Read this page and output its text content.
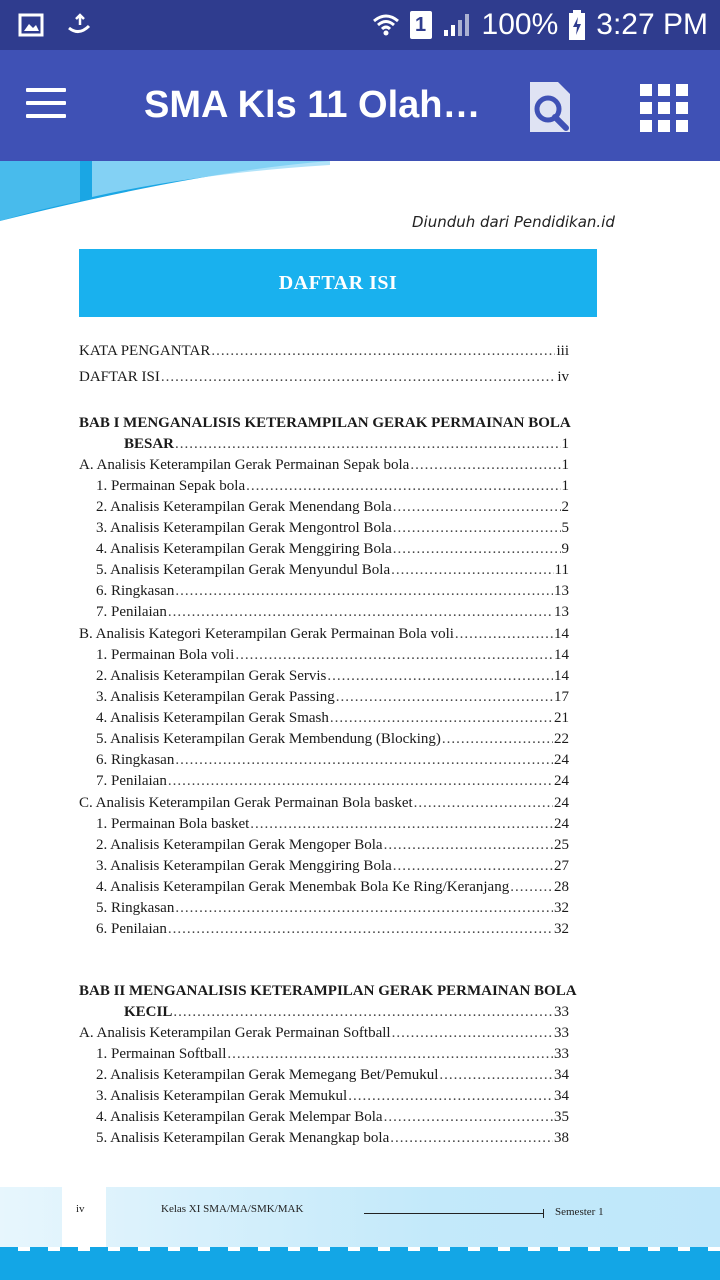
1 100% 3:27 PM
SMA Kls 11 Olah…
Diunduh dari Pendidikan.id
DAFTAR ISI
KATA PENGANTAR .....	iii
DAFTAR ISI .....	iv
BAB I MENGANALISIS KETERAMPILAN GERAK PERMAINAN BOLA
BESAR .....	1
A. Analisis Keterampilan Gerak Permainan Sepak bola .....	1
1. Permainan Sepak bola .....	1
2. Analisis Keterampilan Gerak Menendang Bola .....	2
3. Analisis Keterampilan Gerak Mengontrol Bola .....	5
4. Analisis Keterampilan Gerak Menggiring Bola .....	9
5. Analisis Keterampilan Gerak Menyundul Bola .....	11
6. Ringkasan .....	13
7. Penilaian .....	13
B. Analisis Kategori Keterampilan Gerak Permainan Bola voli .....	14
1. Permainan Bola voli .....	14
2. Analisis Keterampilan Gerak Servis .....	14
3. Analisis Keterampilan Gerak Passing .....	17
4. Analisis Keterampilan Gerak Smash .....	21
5. Analisis Keterampilan Gerak Membendung (Blocking) .....	22
6. Ringkasan .....	24
7. Penilaian .....	24
C. Analisis Keterampilan Gerak Permainan Bola basket .....	24
1. Permainan Bola basket .....	24
2. Analisis Keterampilan Gerak Mengoper Bola .....	25
3. Analisis Keterampilan Gerak Menggiring Bola .....	27
4. Analisis Keterampilan Gerak Menembak Bola Ke Ring/Keranjang .....	28
5. Ringkasan .....	32
6. Penilaian .....	32
BAB II MENGANALISIS KETERAMPILAN GERAK PERMAINAN BOLA
KECIL .....	33
A. Analisis Keterampilan Gerak Permainan Softball .....	33
1. Permainan Softball .....	33
2. Analisis Keterampilan Gerak Memegang Bet/Pemukul .....	34
3. Analisis Keterampilan Gerak Memukul .....	34
4. Analisis Keterampilan Gerak Melempar Bola .....	35
5. Analisis Keterampilan Gerak Menangkap bola .....	38
iv	Kelas XI SMA/MA/SMK/MAK	Semester 1
